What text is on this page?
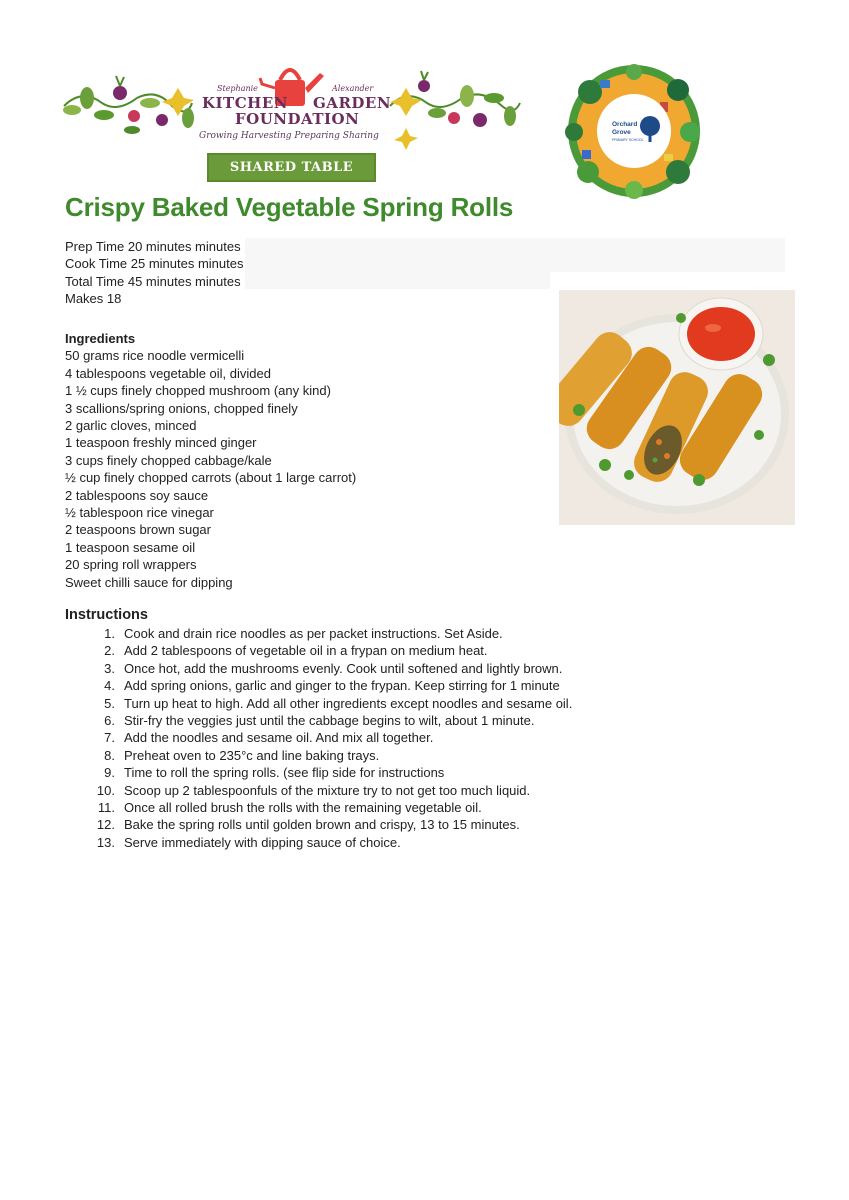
Stephanie	Alexander
KITCHEN GARDEN
FOUNDATION
Growing Harvesting Preparing Sharing
SHARED TABLE
Orchard
Grove
PRIMARY SCHOOL
Crispy Baked Vegetable Spring Rolls
Prep Time 20 minutes minutes
Cook Time 25 minutes minutes
Total Time 45 minutes minutes
Makes 18
Ingredients
50 grams rice noodle vermicelli
4 tablespoons vegetable oil, divided
1 ½ cups finely chopped mushroom (any kind)
3 scallions/spring onions, chopped finely
2 garlic cloves, minced
1 teaspoon freshly minced ginger
3 cups finely chopped cabbage/kale
½ cup finely chopped carrots (about 1 large carrot)
2 tablespoons soy sauce
½ tablespoon rice vinegar
2 teaspoons brown sugar
1 teaspoon sesame oil
20 spring roll wrappers
Sweet chilli sauce for dipping
Instructions
1. Cook and drain rice noodles as per packet instructions. Set Aside.
2. Add 2 tablespoons of vegetable oil in a frypan on medium heat.
3. Once hot, add the mushrooms evenly. Cook until softened and lightly brown.
4. Add spring onions, garlic and ginger to the frypan. Keep stirring for 1 minute
5. Turn up heat to high. Add all other ingredients except noodles and sesame oil.
6. Stir-fry the veggies just until the cabbage begins to wilt, about 1 minute.
7. Add the noodles and sesame oil. And mix all together.
8. Preheat oven to 235°c and line baking trays.
9. Time to roll the spring rolls. (see flip side for instructions
10. Scoop up 2 tablespoonfuls of the mixture try to not get too much liquid.
11. Once all rolled brush the rolls with the remaining vegetable oil.
12. Bake the spring rolls until golden brown and crispy, 13 to 15 minutes.
13. Serve immediately with dipping sauce of choice.
